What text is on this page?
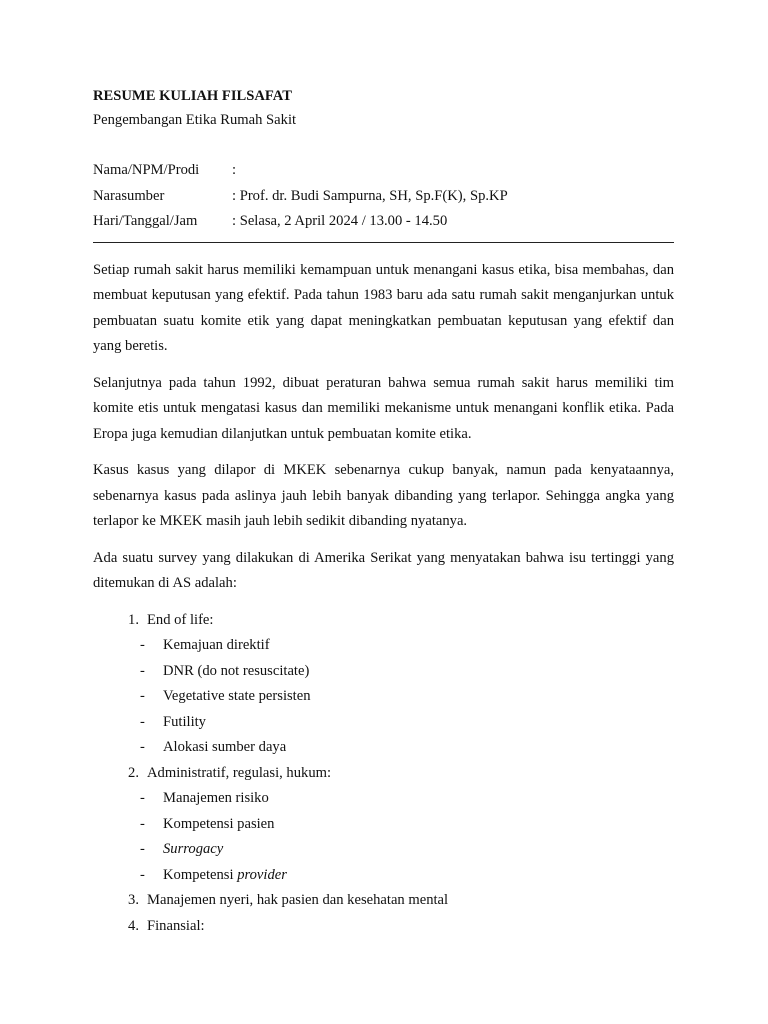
RESUME KULIAH FILSAFAT
Pengembangan Etika Rumah Sakit
Nama/NPM/Prodi	:
Narasumber	: Prof. dr. Budi Sampurna, SH, Sp.F(K), Sp.KP
Hari/Tanggal/Jam	: Selasa, 2 April 2024 / 13.00 - 14.50

Setiap rumah sakit harus memiliki kemampuan untuk menangani kasus etika, bisa membahas, dan membuat keputusan yang efektif. Pada tahun 1983 baru ada satu rumah sakit menganjurkan untuk pembuatan suatu komite etik yang dapat meningkatkan pembuatan keputusan yang efektif dan yang beretis.

Selanjutnya pada tahun 1992, dibuat peraturan bahwa semua rumah sakit harus memiliki tim komite etis untuk mengatasi kasus dan memiliki mekanisme untuk menangani konflik etika. Pada Eropa juga kemudian dilanjutkan untuk pembuatan komite etika.

Kasus kasus yang dilapor di MKEK sebenarnya cukup banyak, namun pada kenyataannya, sebenarnya kasus pada aslinya jauh lebih banyak dibanding yang terlapor. Sehingga angka yang terlapor ke MKEK masih jauh lebih sedikit dibanding nyatanya.

Ada suatu survey yang dilakukan di Amerika Serikat yang menyatakan bahwa isu tertinggi yang ditemukan di AS adalah:

1. End of life:
-	Kemajuan direktif
-	DNR (do not resuscitate)
-	Vegetative state persisten
-	Futility
-	Alokasi sumber daya
2. Administratif, regulasi, hukum:
-	Manajemen risiko
-	Kompetensi pasien
-	Surrogacy
-	Kompetensi provider
3. Manajemen nyeri, hak pasien dan kesehatan mental
4. Finansial:
